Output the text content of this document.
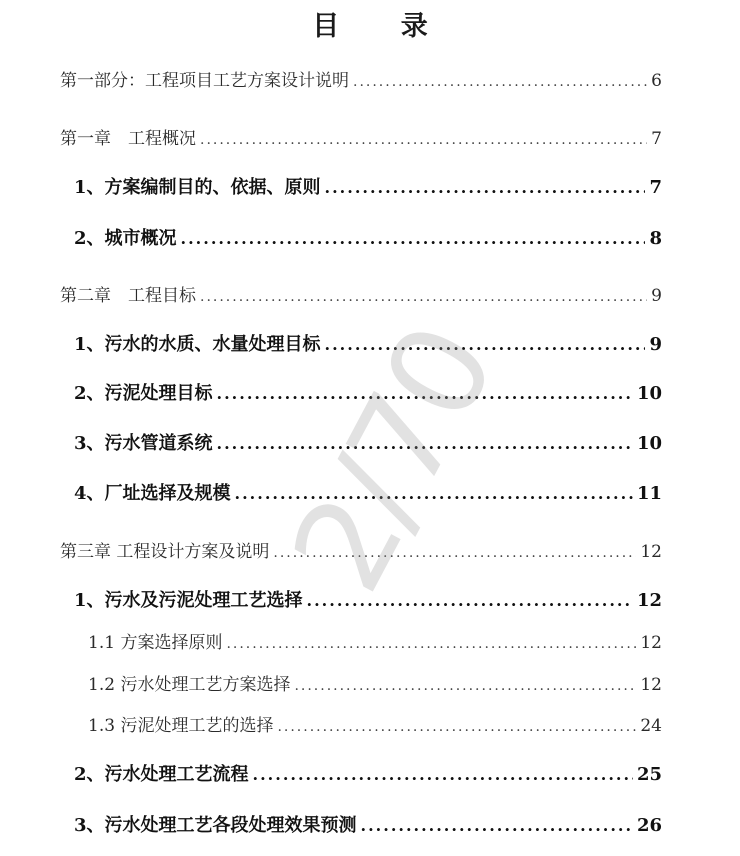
目 录
第一部分：工程项目工艺方案设计说明 .....	6
第一章　工程概况 .....	7
1、方案编制目的、依据、原则 .....	7
2、城市概况 .....	8
第二章　工程目标 .....	9
1、污水的水质、水量处理目标 .....	9
2、污泥处理目标 .....	10
3、污水管道系统 .....	10
4、厂址选择及规模 .....	11
第三章 工程设计方案及说明 .....	12
1、污水及污泥处理工艺选择 .....	12
1.1 方案选择原则 .....	12
1.2 污水处理工艺方案选择 .....	12
1.3 污泥处理工艺的选择 .....	24
2、污水处理工艺流程 .....	25
3、污水处理工艺各段处理效果预测 .....	26
2/70
